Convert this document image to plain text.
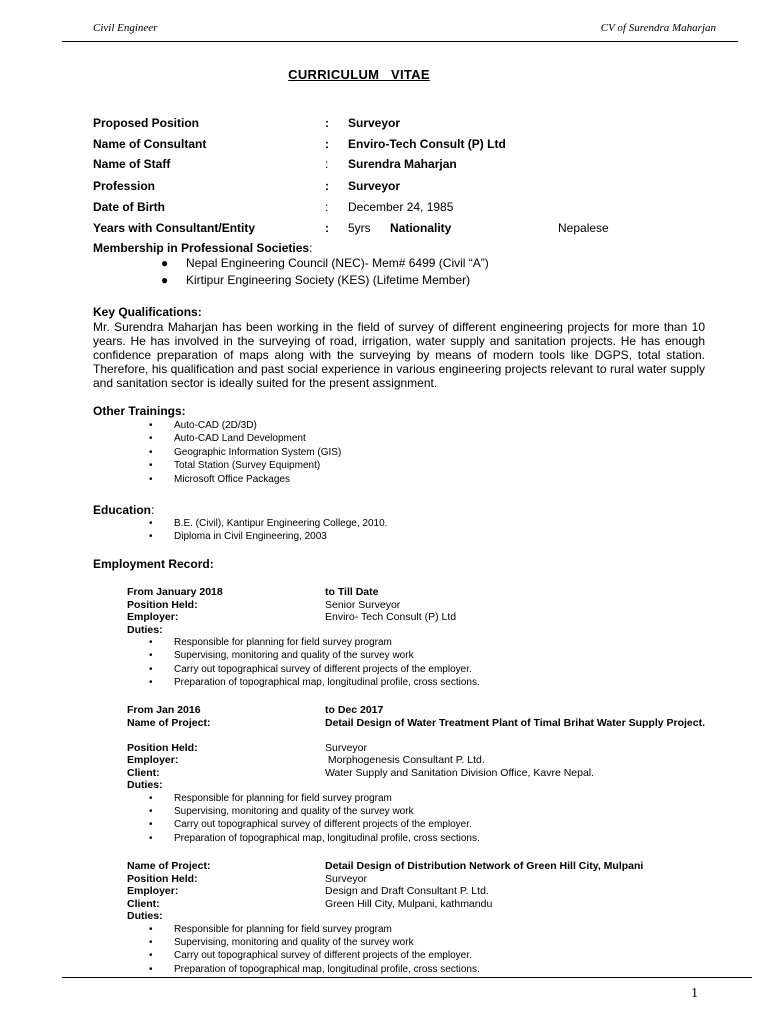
Civil Engineer	CV of Surendra Maharjan
CURRICULUM   VITAE
Proposed Position	: Surveyor
Name of Consultant	: Enviro-Tech Consult (P) Ltd
Name of Staff	: Surendra Maharjan
Profession	: Surveyor
Date of Birth	: December 24, 1985
Years with Consultant/Entity	: 5yrs Nationality	Nepalese
Membership in Professional Societies:
● Nepal Engineering Council (NEC)- Mem# 6499 (Civil “A”)
● Kirtipur Engineering Society (KES) (Lifetime Member)
Key Qualifications:
Mr. Surendra Maharjan has been working in the field of survey of different engineering projects for more than 10 years. He has involved in the surveying of road, irrigation, water supply and sanitation projects. He has enough confidence preparation of maps along with the surveying by means of modern tools like DGPS, total station. Therefore, his qualification and past social experience in various engineering projects relevant to rural water supply and sanitation sector is ideally suited for the present assignment.
Other Trainings:
• Auto-CAD (2D/3D)
• Auto-CAD Land Development
• Geographic Information System (GIS)
• Total Station (Survey Equipment)
• Microsoft Office Packages
Education:
• B.E. (Civil), Kantipur Engineering College, 2010.
• Diploma in Civil Engineering, 2003
Employment Record:
From January 2018	to Till Date
Position Held:	Senior Surveyor
Employer:	Enviro- Tech Consult (P) Ltd
Duties:
• Responsible for planning for field survey program
• Supervising, monitoring and quality of the survey work
• Carry out topographical survey of different projects of the employer.
• Preparation of topographical map, longitudinal profile, cross sections.
From Jan 2016	to Dec 2017
Name of Project:	Detail Design of Water Treatment Plant of Timal Brihat Water Supply Project.
Position Held:	Surveyor
Employer:	Morphogenesis Consultant P. Ltd.
Client:	Water Supply and Sanitation Division Office, Kavre Nepal.
Duties:
• Responsible for planning for field survey program
• Supervising, monitoring and quality of the survey work
• Carry out topographical survey of different projects of the employer.
• Preparation of topographical map, longitudinal profile, cross sections.
Name of Project:	Detail Design of Distribution Network of Green Hill City, Mulpani
Position Held:	Surveyor
Employer:	Design and Draft Consultant P. Ltd.
Client:	Green Hill City, Mulpani, kathmandu
Duties:
• Responsible for planning for field survey program
• Supervising, monitoring and quality of the survey work
• Carry out topographical survey of different projects of the employer.
• Preparation of topographical map, longitudinal profile, cross sections.
1
